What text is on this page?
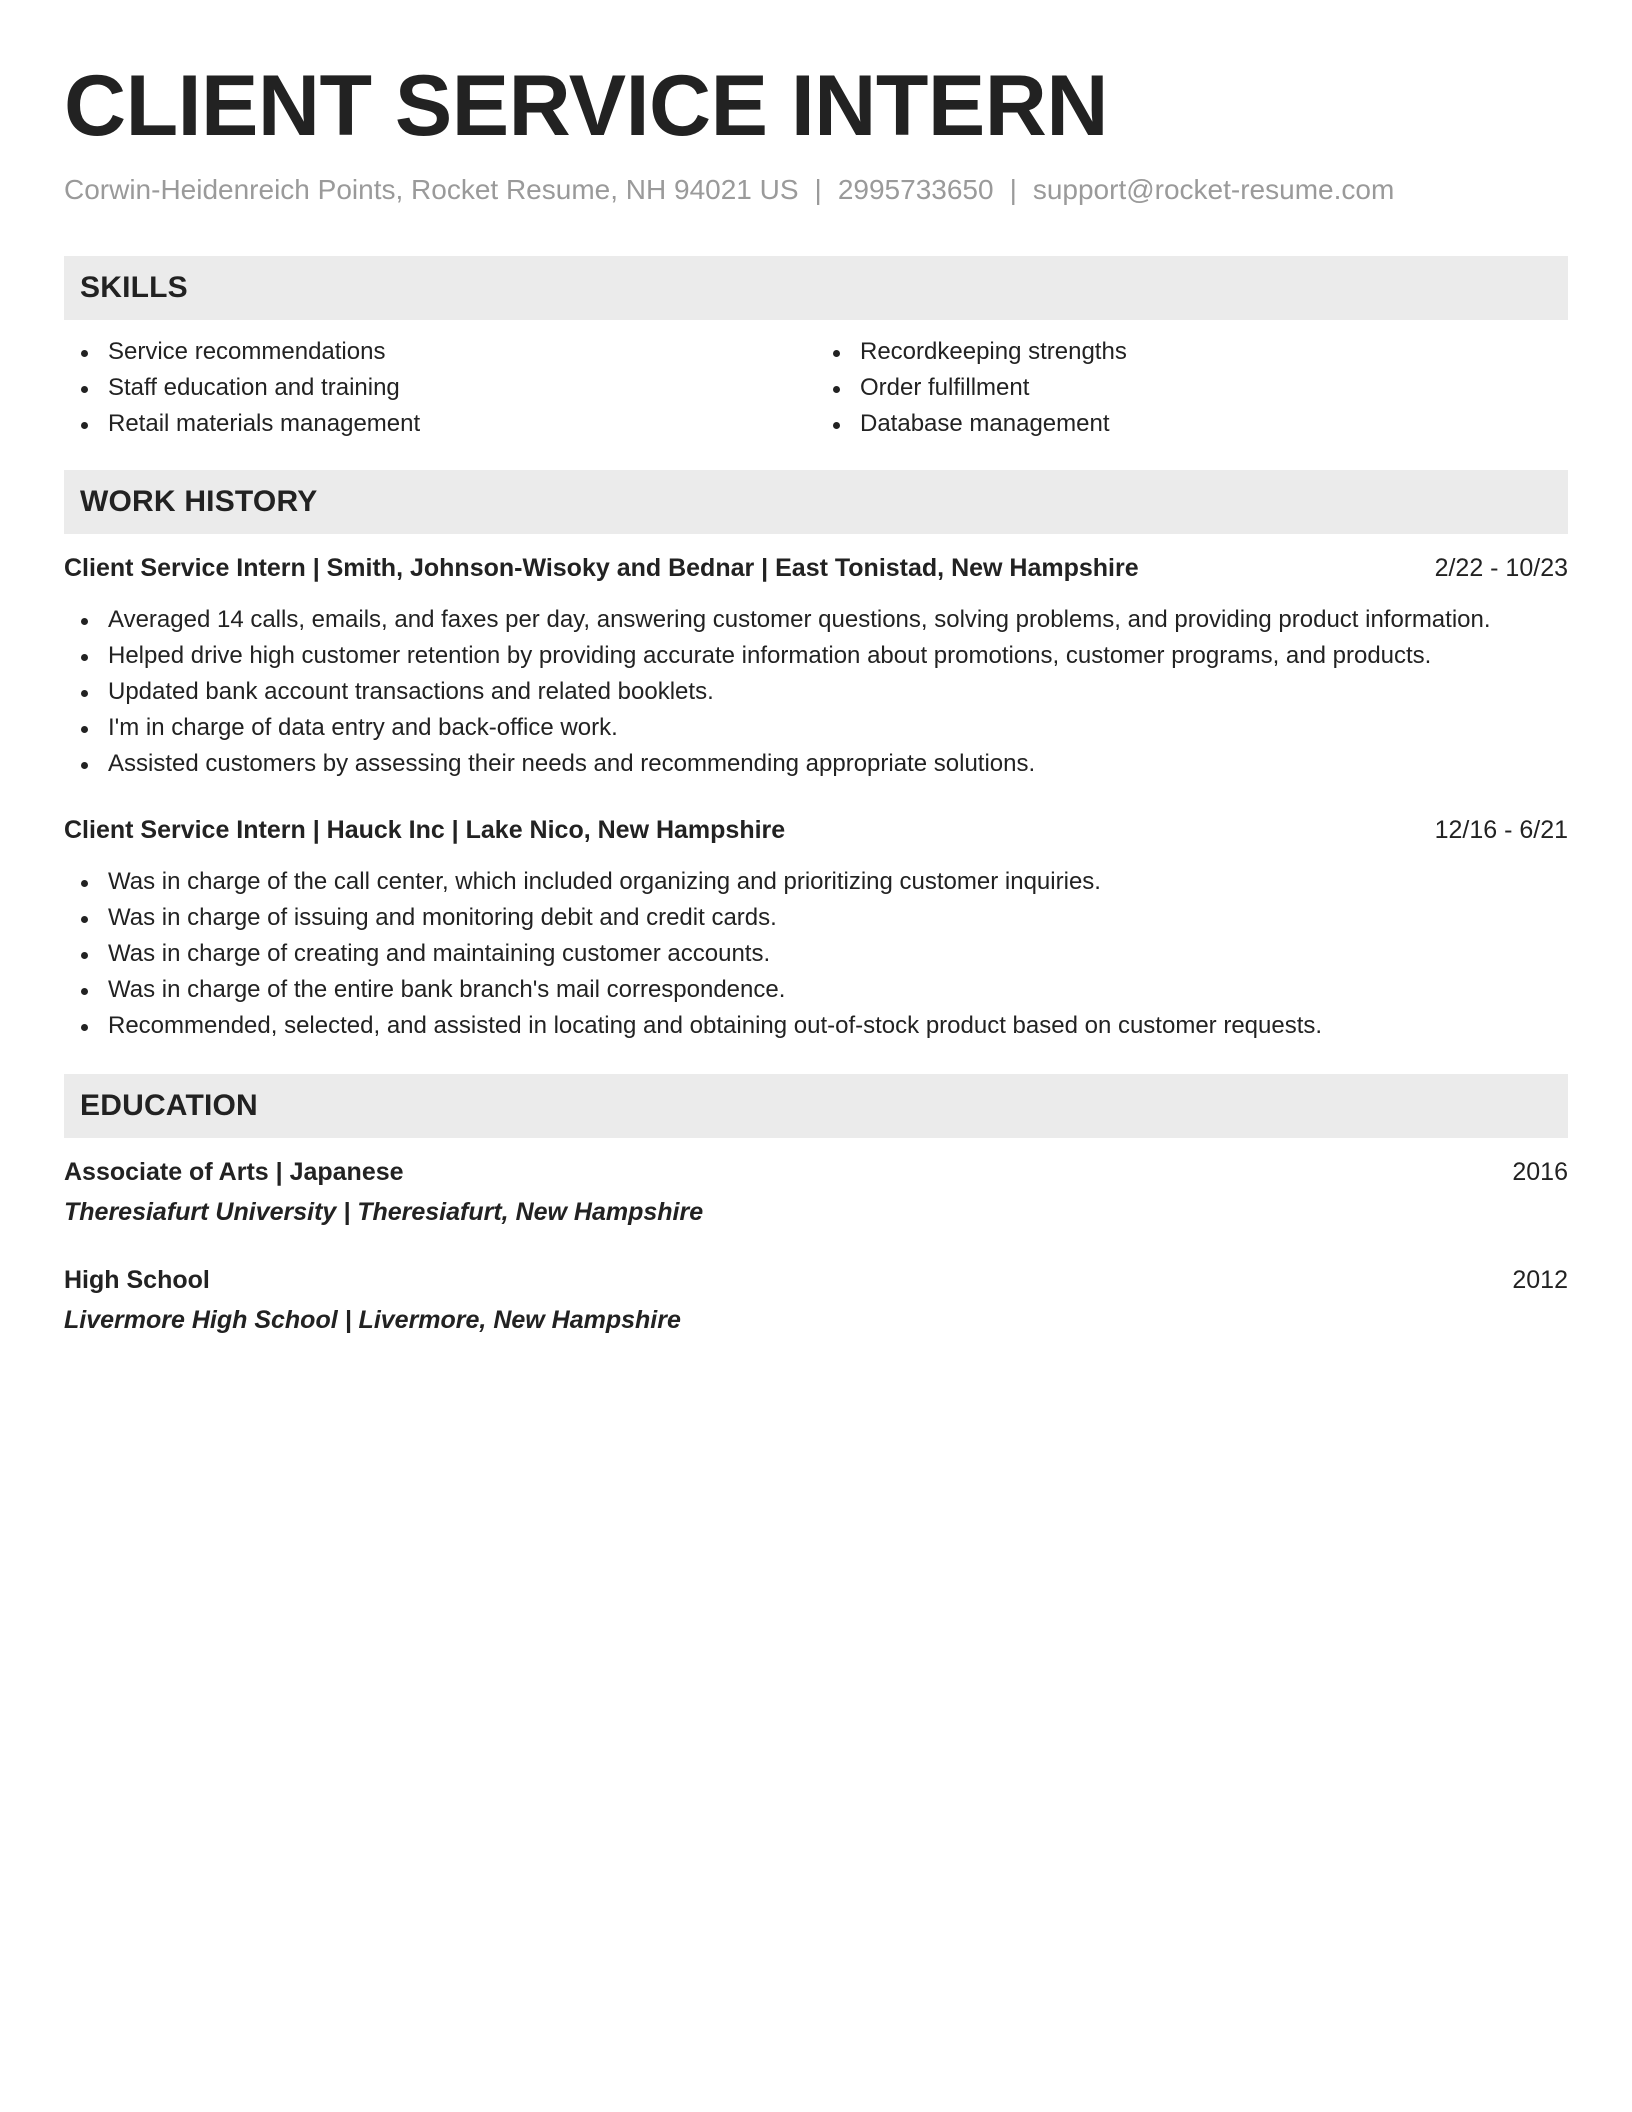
CLIENT SERVICE INTERN
Corwin-Heidenreich Points, Rocket Resume, NH 94021 US | 2995733650 | support@rocket-resume.com
SKILLS
Service recommendations
Staff education and training
Retail materials management
Recordkeeping strengths
Order fulfillment
Database management
WORK HISTORY
Client Service Intern | Smith, Johnson-Wisoky and Bednar | East Tonistad, New Hampshire	2/22 - 10/23
Averaged 14 calls, emails, and faxes per day, answering customer questions, solving problems, and providing product information.
Helped drive high customer retention by providing accurate information about promotions, customer programs, and products.
Updated bank account transactions and related booklets.
I'm in charge of data entry and back-office work.
Assisted customers by assessing their needs and recommending appropriate solutions.
Client Service Intern | Hauck Inc | Lake Nico, New Hampshire	12/16 - 6/21
Was in charge of the call center, which included organizing and prioritizing customer inquiries.
Was in charge of issuing and monitoring debit and credit cards.
Was in charge of creating and maintaining customer accounts.
Was in charge of the entire bank branch's mail correspondence.
Recommended, selected, and assisted in locating and obtaining out-of-stock product based on customer requests.
EDUCATION
Associate of Arts | Japanese	2016
Theresiafurt University | Theresiafurt, New Hampshire
High School	2012
Livermore High School | Livermore, New Hampshire
